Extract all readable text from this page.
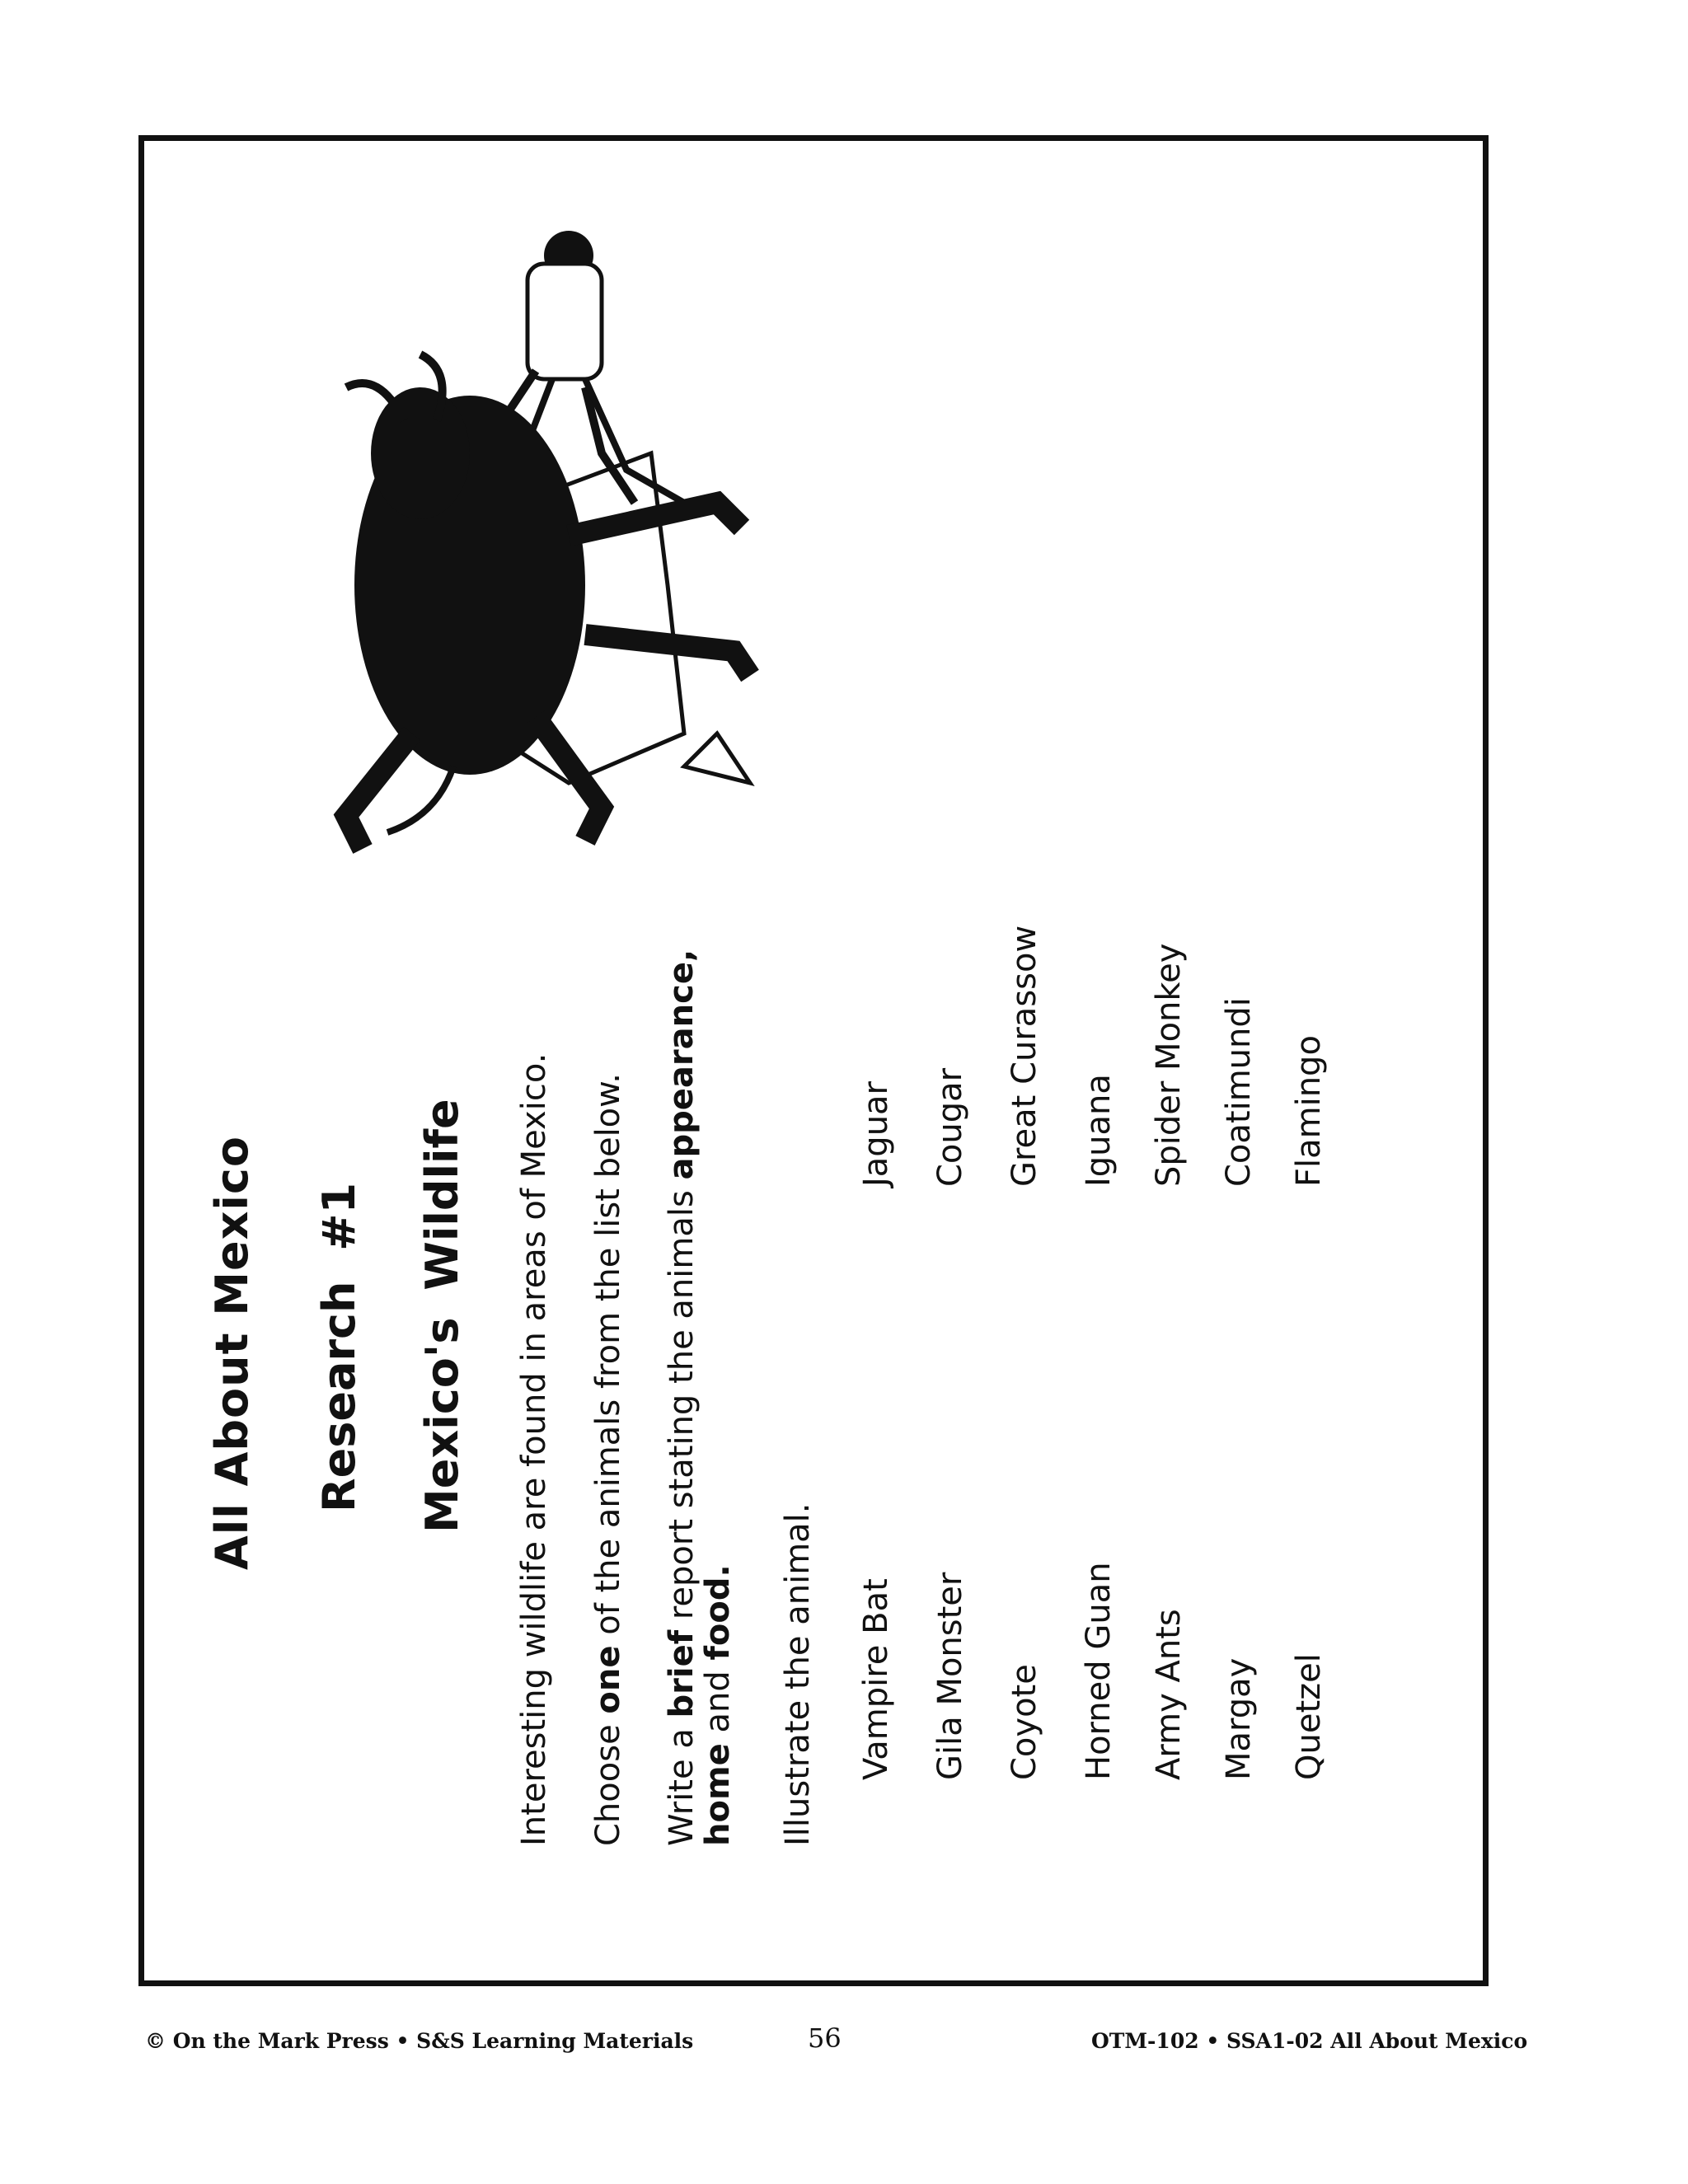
All About Mexico Research #1 Mexico's Wildlife Interesting wildlife are found in areas of Mexico. Choose one of the animals from the list below.
Write a brief report stating the animals appearance, home and food. Illustrate the animal. Vampire Bat Gila Monster Coyote Horned Guan Army Ants Margay Quetzel
Jaguar Cougar Great Curassow Iguana Spider Monkey Coatimundi Flamingo
© On the Mark Press • S&S Learning Materials	56	OTM-102 • SSA1-02 All About Mexico
